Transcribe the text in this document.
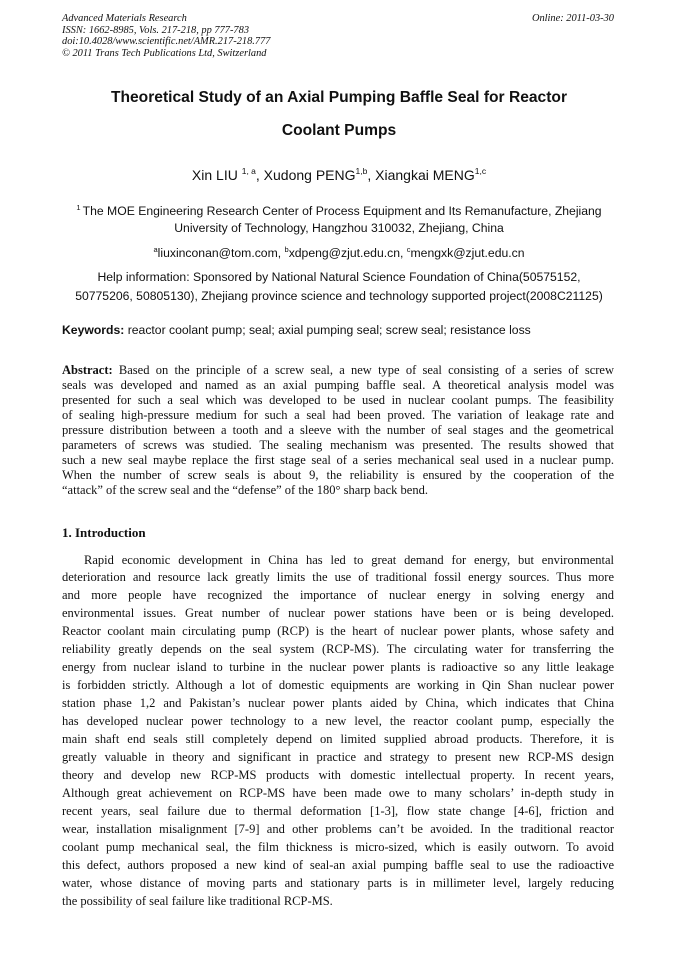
Advanced Materials Research
ISSN: 1662-8985, Vols. 217-218, pp 777-783
doi:10.4028/www.scientific.net/AMR.217-218.777
© 2011 Trans Tech Publications Ltd, Switzerland
Online: 2011-03-30
Theoretical Study of an Axial Pumping Baffle Seal for Reactor
Coolant Pumps
Xin LIU $^{1, a}$, Xudong PENG$^{1,b}$, Xiangkai MENG$^{1,c}$
$^1$ The MOE Engineering Research Center of Process Equipment and Its Remanufacture, Zhejiang
University of Technology, Hangzhou 310032, Zhejiang, China
$^a$liuxinconan@tom.com, $^b$xdpeng@zjut.edu.cn, $^c$mengxk@zjut.edu.cn
Help information: Sponsored by National Natural Science Foundation of China(50575152,
50775206, 50805130), Zhejiang province science and technology supported project(2008C21125)
Keywords: reactor coolant pump; seal; axial pumping seal; screw seal; resistance loss
Abstract: Based on the principle of a screw seal, a new type of seal consisting of a series of screw
seals was developed and named as an axial pumping baffle seal. A theoretical analysis model was
presented for such a seal which was developed to be used in nuclear coolant pumps. The feasibility
of sealing high-pressure medium for such a seal had been proved. The variation of leakage rate and
pressure distribution between a tooth and a sleeve with the number of seal stages and the geometrical
parameters of screws was studied. The sealing mechanism was presented. The results showed that
such a new seal maybe replace the first stage seal of a series mechanical seal used in a nuclear pump.
When the number of screw seals is about 9, the reliability is ensured by the cooperation of the
“attack” of the screw seal and the “defense” of the 180° sharp back bend.
1. Introduction
Rapid economic development in China has led to great demand for energy, but environmental
deterioration and resource lack greatly limits the use of traditional fossil energy sources. Thus more
and more people have recognized the importance of nuclear energy in solving energy and
environmental issues. Great number of nuclear power stations have been or is being developed.
Reactor coolant main circulating pump (RCP) is the heart of nuclear power plants, whose safety and
reliability greatly depends on the seal system (RCP-MS). The circulating water for transferring the
energy from nuclear island to turbine in the nuclear power plants is radioactive so any little leakage
is forbidden strictly. Although a lot of domestic equipments are working in Qin Shan nuclear power
station phase 1,2 and Pakistan’s nuclear power plants aided by China, which indicates that China
has developed nuclear power technology to a new level, the reactor coolant pump, especially the
main shaft end seals still completely depend on limited supplied abroad products. Therefore, it is
greatly valuable in theory and significant in practice and strategy to present new RCP-MS design
theory and develop new RCP-MS products with domestic intellectual property. In recent years,
Although great achievement on RCP-MS have been made owe to many scholars’ in-depth study in
recent years, seal failure due to thermal deformation [1-3], flow state change [4-6], friction and
wear, installation misalignment [7-9] and other problems can’t be avoided. In the traditional reactor
coolant pump mechanical seal, the film thickness is micro-sized, which is easily outworn. To avoid
this defect, authors proposed a new kind of seal-an axial pumping baffle seal to use the radioactive
water, whose distance of moving parts and stationary parts is in millimeter level, largely reducing
the possibility of seal failure like traditional RCP-MS.
